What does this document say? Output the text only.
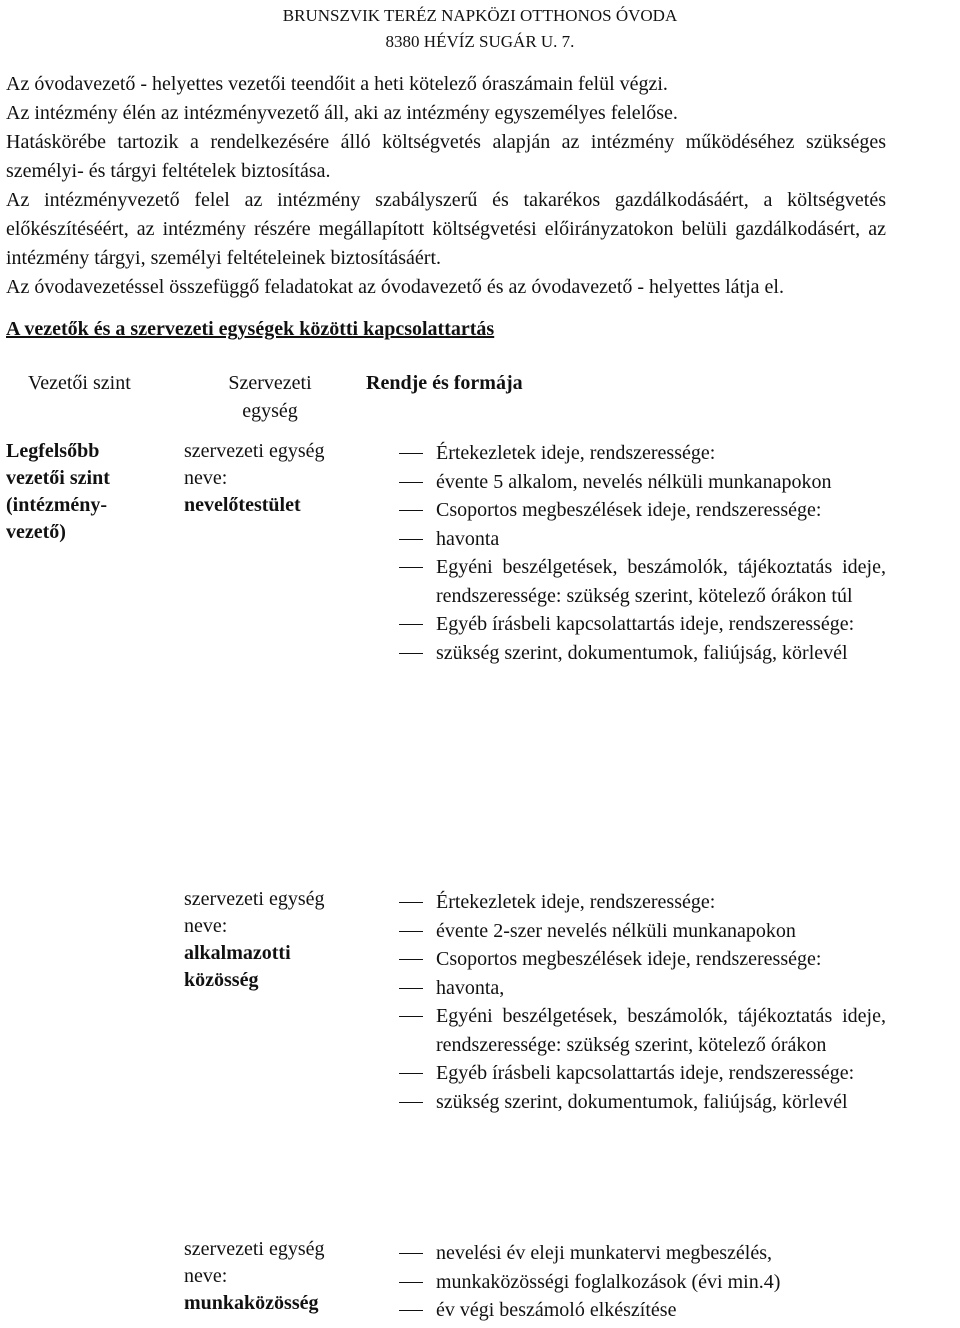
BRUNSZVIK TERÉZ NAPKÖZI OTTHONOS ÓVODA
8380 HÉVÍZ SUGÁR U. 7.

Az óvodavezető - helyettes vezetői teendőit a heti kötelező óraszámain felül végzi.

Az intézmény élén az intézményvezető áll, aki az intézmény egyszemélyes felelőse.

Hatáskörébe tartozik a rendelkezésére álló költségvetés alapján az intézmény működéséhez szükséges személyi- és tárgyi feltételek biztosítása.

Az intézményvezető felel az intézmény szabályszerű és takarékos gazdálkodásáért, a költségvetés előkészítéséért, az intézmény részére megállapított költségvetési előirányzatokon belüli gazdálkodásért, az intézmény tárgyi, személyi feltételeinek biztosításáért.

Az óvodavezetéssel összefüggő feladatokat az óvodavezető és az óvodavezető - helyettes látja el.

A vezetők és a szervezeti egységek közötti kapcsolattartás
Vezetői szint	Szervezeti egység
Rendje és formája
Legfelsőbb vezetői szint (intézmény-vezető)
szervezeti egység neve:
nevelőtestület
Értekezletek ideje, rendszeressége:
évente 5 alkalom, nevelés nélküli munkanapokon
Csoportos megbeszélések ideje, rendszeressége:
havonta
Egyéni beszélgetések, beszámolók, tájékoztatás ideje, rendszeressége: szükség szerint, kötelező órákon túl
Egyéb írásbeli kapcsolattartás ideje, rendszeressége:
szükség szerint, dokumentumok, faliújság, körlevél
szervezeti egység neve:
alkalmazotti közösség
Értekezletek ideje, rendszeressége:
évente 2-szer nevelés nélküli munkanapokon
Csoportos megbeszélések ideje, rendszeressége:
havonta,
Egyéni beszélgetések, beszámolók, tájékoztatás ideje, rendszeressége: szükség szerint, kötelező órákon
Egyéb írásbeli kapcsolattartás ideje, rendszeressége:
szükség szerint, dokumentumok, faliújság, körlevél
szervezeti egység neve:
munkaközösség
nevelési év eleji munkatervi megbeszélés,
munkaközösségi foglalkozások (évi min.4)
év végi beszámoló elkészítése
